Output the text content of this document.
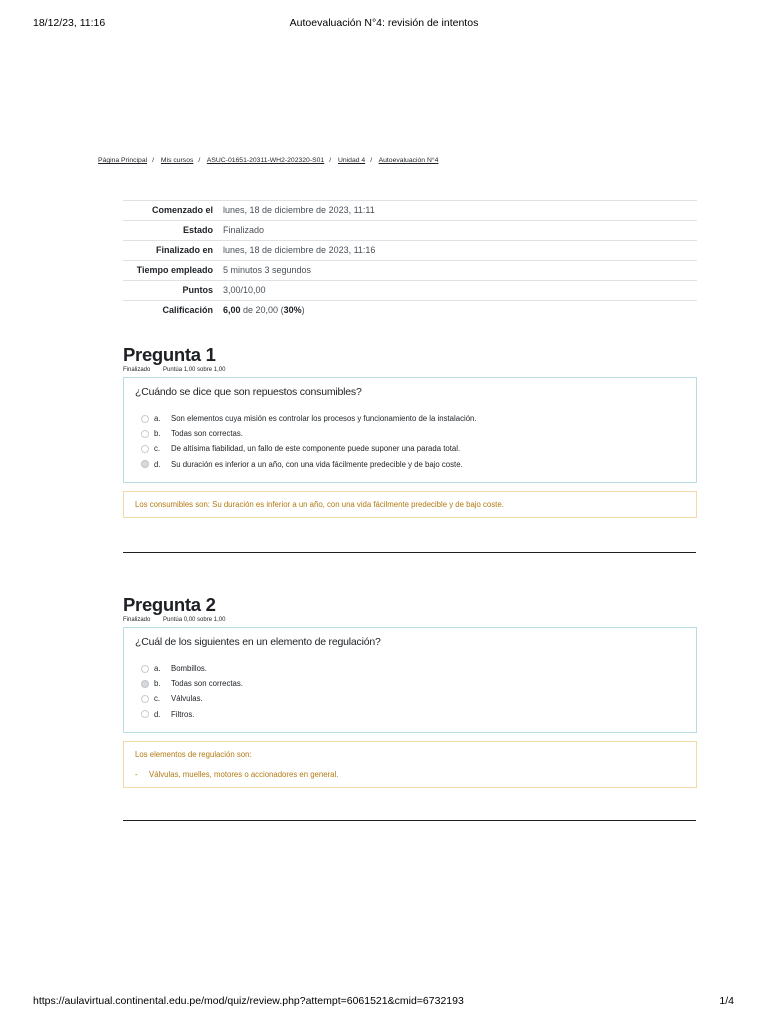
18/12/23, 11:16	Autoevaluación N°4: revisión de intentos
Página Principal / Mis cursos / ASUC-01651-20311-WH2-202320-S01 / Unidad 4 / Autoevaluación N°4
Comenzado el	lunes, 18 de diciembre de 2023, 11:11
Estado	Finalizado
Finalizado en	lunes, 18 de diciembre de 2023, 11:16
Tiempo empleado	5 minutos 3 segundos
Puntos	3,00/10,00
Calificación	6,00 de 20,00 (30%)
Pregunta 1
Finalizado Puntúa 1,00 sobre 1,00

¿Cuándo se dice que son repuestos consumibles?

a.	Son elementos cuya misión es controlar los procesos y funcionamiento de la instalación.
b.	Todas son correctas.
c.	De altísima fiabilidad, un fallo de este componente puede suponer una parada total.
d.	Su duración es inferior a un año, con una vida fácilmente predecible y de bajo coste.
Los consumibles son: Su duración es inferior a un año, con una vida fácilmente predecible y de bajo coste.
Pregunta 2
Finalizado Puntúa 0,00 sobre 1,00

¿Cuál de los siguientes en un elemento de regulación?

a.	Bombillos.
b.	Todas son correctas.
c.	Válvulas.
d.	Filtros.
Los elementos de regulación son:
- Válvulas, muelles, motores o accionadores en general.
https://aulavirtual.continental.edu.pe/mod/quiz/review.php?attempt=6061521&cmid=6732193	1/4
